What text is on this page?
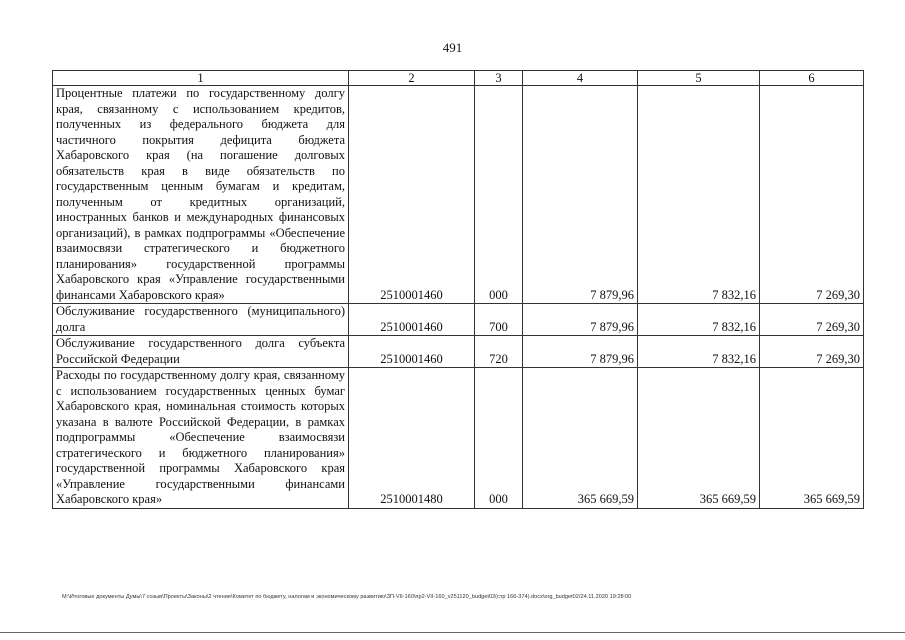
491
1	2	3	4	5	6
Процентные платежи по государственному долгу края, связанному с использованием кредитов, полученных из федерального бюджета для частичного покрытия дефицита бюджета Хабаровского края (на погашение долговых обязательств края в виде обязательств по государственным ценным бумагам и кредитам, полученным от кредитных организаций, иностранных банков и международных финансовых организаций), в рамках подпрограммы «Обеспечение взаимосвязи стратегического и бюджетного планирования» государственной программы Хабаровского края «Управление государственными финансами Хабаровского края»	2510001460	000	7 879,96	7 832,16	7 269,30
Обслуживание государственного (муниципального) долга	2510001460	700	7 879,96	7 832,16	7 269,30
Обслуживание государственного долга субъекта Российской Федерации	2510001460	720	7 879,96	7 832,16	7 269,30
Расходы по государственному долгу края, связанному с использованием государственных ценных бумаг Хабаровского края, номинальная стоимость которых указана в валюте Российской Федерации, в рамках подпрограммы «Обеспечение взаимосвязи стратегического и бюджетного планирования» государственной программы Хабаровского края «Управление государственными финансами Хабаровского края»	2510001480	000	365 669,59	365 669,59	365 669,59
M:\Итоговые документы Думы\7 созыв\Проекты\Законы\2 чтение\Комитет по бюджету, налогам и экономическому развитию\ЗП-VII-160\пр2-VII-160_v251120_budget02(стр 166-374).docx\org_budget02/24.11.2020 19:28:00
